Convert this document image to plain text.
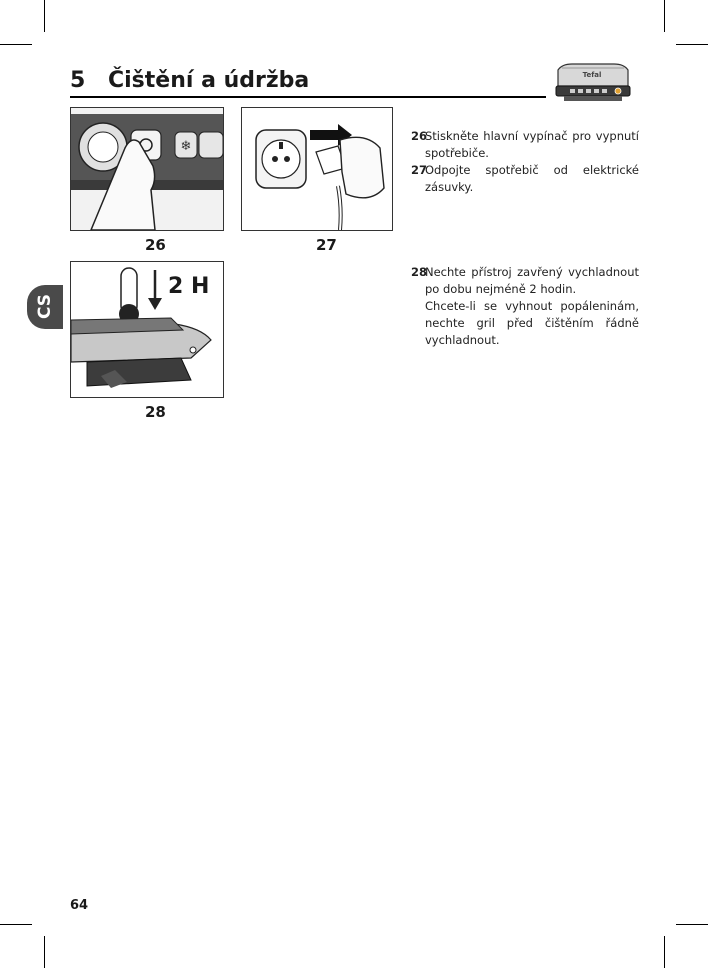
5 Čištění a údržba	Tefal
CS
❄
26	27
2 H
28

26
Stiskněte hlavní vypínač pro vypnutí spotřebiče.

27
Odpojte spotřebič od elektrické zásuvky.

28
Nechte přístroj zavřený vychladnout po dobu nejméně 2 hodin.

Chcete-li se vyhnout popáleninám, nechte gril před čištěním řádně vychladnout.

64
